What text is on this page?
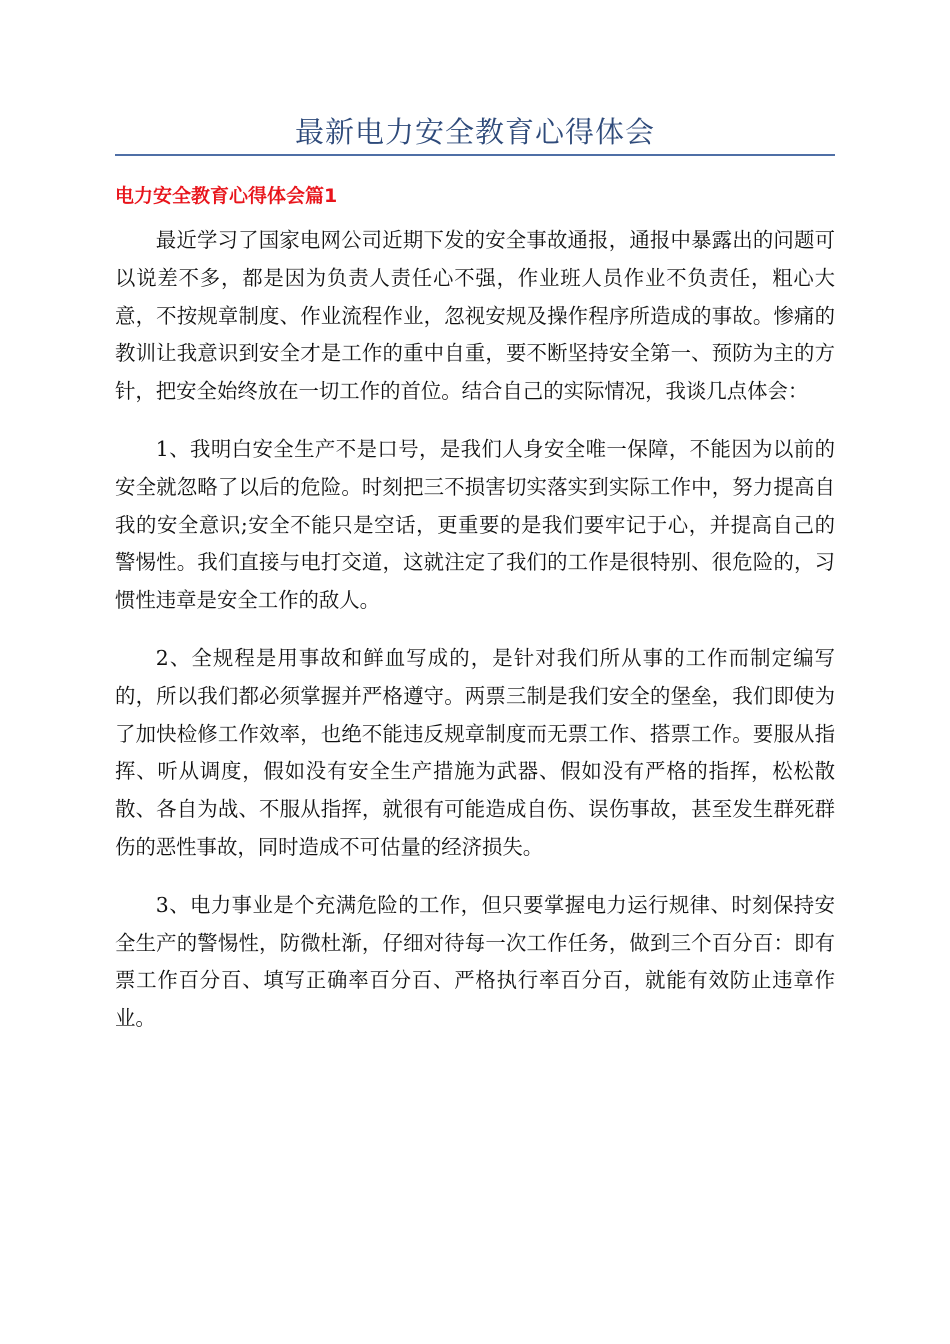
最新电力安全教育心得体会
电力安全教育心得体会篇1

最近学习了国家电网公司近期下发的安全事故通报，通报中暴露出的问题可以说差不多，都是因为负责人责任心不强，作业班人员作业不负责任，粗心大意，不按规章制度、作业流程作业，忽视安规及操作程序所造成的事故。惨痛的教训让我意识到安全才是工作的重中自重，要不断坚持安全第一、预防为主的方针，把安全始终放在一切工作的首位。结合自己的实际情况，我谈几点体会：

1、我明白安全生产不是口号，是我们人身安全唯一保障，不能因为以前的安全就忽略了以后的危险。时刻把三不损害切实落实到实际工作中，努力提高自我的安全意识;安全不能只是空话，更重要的是我们要牢记于心，并提高自己的警惕性。我们直接与电打交道，这就注定了我们的工作是很特别、很危险的，习惯性违章是安全工作的敌人。

2、全规程是用事故和鲜血写成的，是针对我们所从事的工作而制定编写的，所以我们都必须掌握并严格遵守。两票三制是我们安全的堡垒，我们即使为了加快检修工作效率，也绝不能违反规章制度而无票工作、搭票工作。要服从指挥、听从调度，假如没有安全生产措施为武器、假如没有严格的指挥，松松散散、各自为战、不服从指挥，就很有可能造成自伤、误伤事故，甚至发生群死群伤的恶性事故，同时造成不可估量的经济损失。

3、电力事业是个充满危险的工作，但只要掌握电力运行规律、时刻保持安全生产的警惕性，防微杜渐，仔细对待每一次工作任务，做到三个百分百：即有票工作百分百、填写正确率百分百、严格执行率百分百，就能有效防止违章作业。
